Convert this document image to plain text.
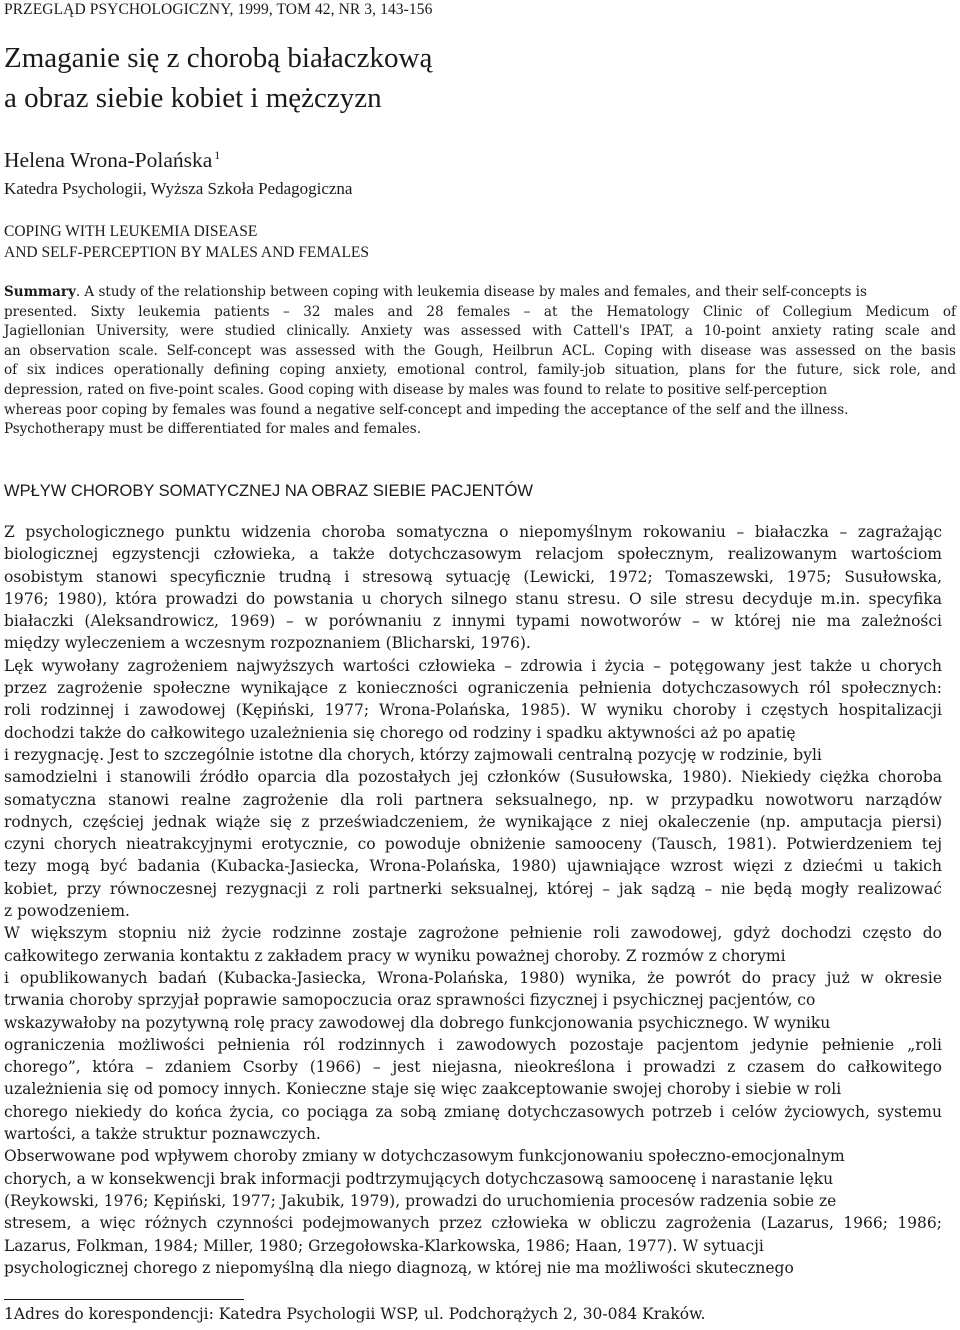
PRZEGLĄD PSYCHOLOGICZNY, 1999, TOM 42, NR 3, 143-156
Zmaganie się z chorobą białaczkową
a obraz siebie kobiet i mężczyzn
Helena Wrona-Polańska $^1$
Katedra Psychologii, Wyższa Szkoła Pedagogiczna
COPING WITH LEUKEMIA DISEASE
AND SELF-PERCEPTION BY MALES AND FEMALES
Summary. A study of the relationship between coping with leukemia disease by males and females, and their self-concepts is
presented. Sixty leukemia patients – 32 males and 28 females – at the Hematology Clinic of Collegium Medicum of
Jagiellonian University, were studied clinically. Anxiety was assessed with Cattell's IPAT, a 10-point anxiety rating scale and
an observation scale. Self-concept was assessed with the Gough, Heilbrun ACL. Coping with disease was assessed on the basis
of six indices operationally defining coping anxiety, emotional control, family-job situation, plans for the future, sick role, and
depression, rated on five-point scales. Good coping with disease by males was found to relate to positive self-perception
whereas poor coping by females was found a negative self-concept and impeding the acceptance of the self and the illness.
Psychotherapy must be differentiated for males and females.
WPŁYW CHOROBY SOMATYCZNEJ NA OBRAZ SIEBIE PACJENTÓW
Z psychologicznego punktu widzenia choroba somatyczna o niepomyślnym rokowaniu – białaczka – zagrażając
biologicznej egzystencji człowieka, a także dotychczasowym relacjom społecznym, realizowanym wartościom
osobistym stanowi specyficznie trudną i stresową sytuację (Lewicki, 1972; Tomaszewski, 1975; Susułowska,
1976; 1980), która prowadzi do powstania u chorych silnego stanu stresu. O sile stresu decyduje m.in. specyfika
białaczki (Aleksandrowicz, 1969) – w porównaniu z innymi typami nowotworów – w której nie ma zależności
między wyleczeniem a wczesnym rozpoznaniem (Blicharski, 1976).
Lęk wywołany zagrożeniem najwyższych wartości człowieka – zdrowia i życia – potęgowany jest także u chorych
przez zagrożenie społeczne wynikające z konieczności ograniczenia pełnienia dotychczasowych ról społecznych:
roli rodzinnej i zawodowej (Kępiński, 1977; Wrona-Polańska, 1985). W wyniku choroby i częstych hospitalizacji
dochodzi także do całkowitego uzależnienia się chorego od rodziny i spadku aktywności aż po apatię
i rezygnację. Jest to szczególnie istotne dla chorych, którzy zajmowali centralną pozycję w rodzinie, byli
samodzielni i stanowili źródło oparcia dla pozostałych jej członków (Susułowska, 1980). Niekiedy ciężka choroba
somatyczna stanowi realne zagrożenie dla roli partnera seksualnego, np. w przypadku nowotworu narządów
rodnych, częściej jednak wiąże się z przeświadczeniem, że wynikające z niej okaleczenie (np. amputacja piersi)
czyni chorych nieatrakcyjnymi erotycznie, co powoduje obniżenie samooceny (Tausch, 1981). Potwierdzeniem tej
tezy mogą być badania (Kubacka-Jasiecka, Wrona-Polańska, 1980) ujawniające wzrost więzi z dziećmi u takich
kobiet, przy równoczesnej rezygnacji z roli partnerki seksualnej, której – jak sądzą – nie będą mogły realizować
z powodzeniem.
W większym stopniu niż życie rodzinne zostaje zagrożone pełnienie roli zawodowej, gdyż dochodzi często do
całkowitego zerwania kontaktu z zakładem pracy w wyniku poważnej choroby. Z rozmów z chorymi
i opublikowanych badań (Kubacka-Jasiecka, Wrona-Polańska, 1980) wynika, że powrót do pracy już w okresie
trwania choroby sprzyjał poprawie samopoczucia oraz sprawności fizycznej i psychicznej pacjentów, co
wskazywałoby na pozytywną rolę pracy zawodowej dla dobrego funkcjonowania psychicznego. W wyniku
ograniczenia możliwości pełnienia ról rodzinnych i zawodowych pozostaje pacjentom jedynie pełnienie „roli
chorego”, która – zdaniem Csorby (1966) – jest niejasna, nieokreślona i prowadzi z czasem do całkowitego
uzależnienia się od pomocy innych. Konieczne staje się więc zaakceptowanie swojej choroby i siebie w roli
chorego niekiedy do końca życia, co pociąga za sobą zmianę dotychczasowych potrzeb i celów życiowych, systemu
wartości, a także struktur poznawczych.
Obserwowane pod wpływem choroby zmiany w dotychczasowym funkcjonowaniu społeczno-emocjonalnym
chorych, a w konsekwencji brak informacji podtrzymujących dotychczasową samoocenę i narastanie lęku
(Reykowski, 1976; Kępiński, 1977; Jakubik, 1979), prowadzi do uruchomienia procesów radzenia sobie ze
stresem, a więc różnych czynności podejmowanych przez człowieka w obliczu zagrożenia (Lazarus, 1966; 1986;
Lazarus, Folkman, 1984; Miller, 1980; Grzegołowska-Klarkowska, 1986; Haan, 1977). W sytuacji
psychologicznej chorego z niepomyślną dla niego diagnozą, w której nie ma możliwości skutecznego
1Adres do korespondencji: Katedra Psychologii WSP, ul. Podchorążych 2, 30-084 Kraków.
